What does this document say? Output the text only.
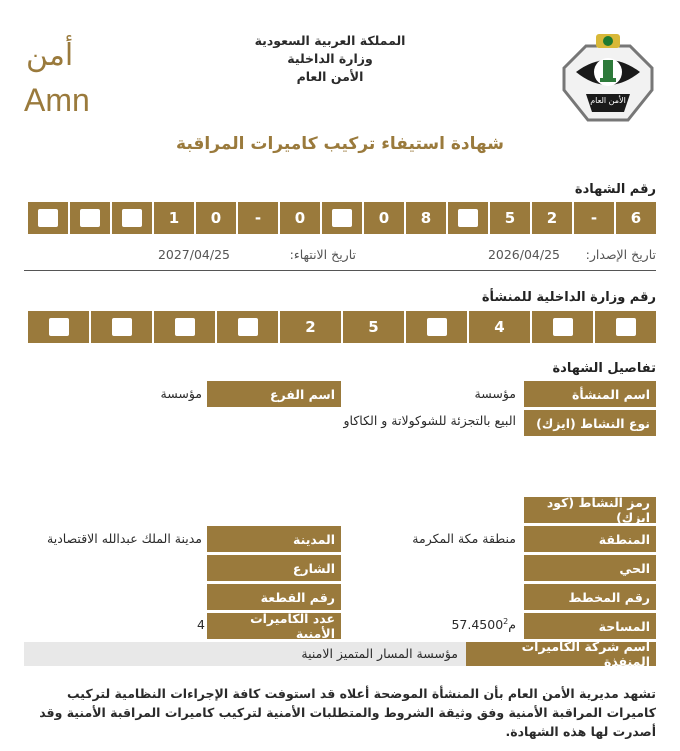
أمن
Amn
المملكة العربية السعودية
وزارة الداخلية
الأمن العام
الأمن العام
شهادة استيفاء تركيب كاميرات المراقبة
رقم الشهادة
6
-
2
5
8
0
0
-
0
1
تاريخ الإصدار:
2026/04/25
تاريخ الانتهاء:
2027/04/25
رقم وزارة الداخلية للمنشأة
4
5
2
تفاصيل الشهادة
اسم المنشأة
مؤسسة
اسم الفرع
مؤسسة
نوع النشاط (ايزك)
البيع بالتجزئة للشوكولاتة و الكاكاو
رمز النشاط (كود ايزك)
المنطقة
منطقة مكة المكرمة
المدينة
مدينة الملك عبدالله الاقتصادية
الحي
الشارع
رقم المخطط
رقم القطعة
المساحة
57.4500 م$^2$
عدد الكاميرات الأمنية
4
اسم شركة الكاميرات المنفذة
مؤسسة المسار المتميز الامنية
تشهد مديرية الأمن العام بأن المنشأة الموضحة أعلاه قد استوفت كافة الإجراءات النظامية لتركيب كاميرات المراقبة الأمنية وفق وثيقة الشروط والمتطلبات الأمنية لتركيب كاميرات المراقبة الأمنية وقد أصدرت لها هذه الشهادة.
